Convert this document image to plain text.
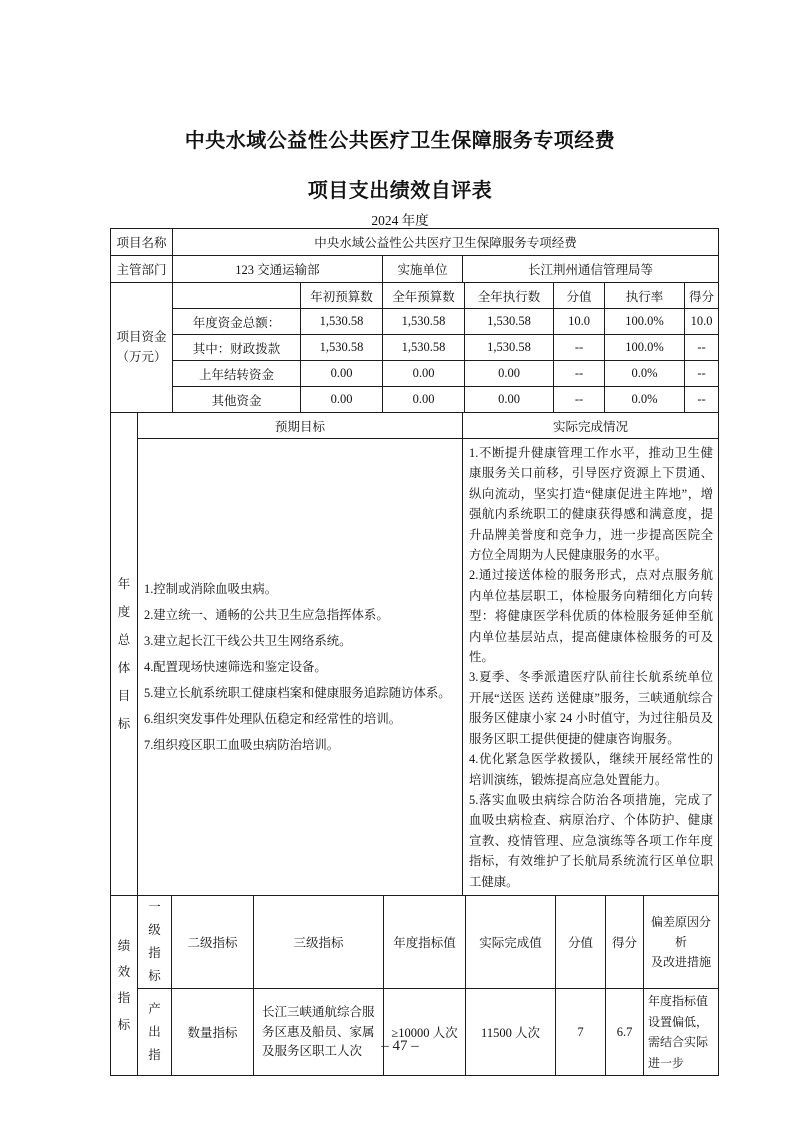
中央水域公益性公共医疗卫生保障服务专项经费
项目支出绩效自评表
2024 年度
项目名称	中央水域公益性公共医疗卫生保障服务专项经费		
主管部门	123 交通运输部	实施单位	长江荆州通信管理局等
项目资金
（万元）		年初预算数	全年预算数	全年执行数	分值	执行率	得分
	年度资金总额：	1,530.58	1,530.58	1,530.58	10.0	100.0%	10.0
	其中：财政拨款	1,530.58	1,530.58	1,530.58	--	100.0%	--
	上年结转资金	0.00	0.00	0.00	--	0.0%	--
	其他资金	0.00	0.00	0.00	--	0.0%	--
年度总体目标	预期目标	实际完成情况

1.控制或消除血吸虫病。
2.建立统一、通畅的公共卫生应急指挥体系。
3.建立起长江干线公共卫生网络系统。
4.配置现场快速筛选和鉴定设备。
5.建立长航系统职工健康档案和健康服务追踪随访体系。
6.组织突发事件处理队伍稳定和经常性的培训。
7.组织疫区职工血吸虫病防治培训。

1.不断提升健康管理工作水平，推动卫生健康服务关口前移，引导医疗资源上下贯通、纵向流动，坚实打造“健康促进主阵地”，增强航内系统职工的健康获得感和满意度，提升品牌美誉度和竞争力，进一步提高医院全方位全周期为人民健康服务的水平。

2.通过接送体检的服务形式，点对点服务航内单位基层职工，体检服务向精细化方向转型：将健康医学科优质的体检服务延伸至航内单位基层站点，提高健康体检服务的可及性。

3.夏季、冬季派遣医疗队前往长航系统单位开展“送医 送药 送健康”服务，三峡通航综合服务区健康小家 24 小时值守，为过往船员及服务区职工提供便捷的健康咨询服务。

4.优化紧急医学救援队，继续开展经常性的培训演练，锻炼提高应急处置能力。

5.落实血吸虫病综合防治各项措施，完成了血吸虫病检查、病原治疗、个体防护、健康宣教、疫情管理、应急演练等各项工作年度指标，有效维护了长航局系统流行区单位职工健康。

绩效指标	一级指标	二级指标	三级指标	年度指标值	实际完成值	分值	得分	偏差原因分析
及改进措施

	产出指	数量指标	长江三峡通航综合服务区惠及船员、家属及服务区职工人次	≥10000 人次	11500 人次	7	6.7	年度指标值设置偏低，需结合实际进一步
– 47 –
